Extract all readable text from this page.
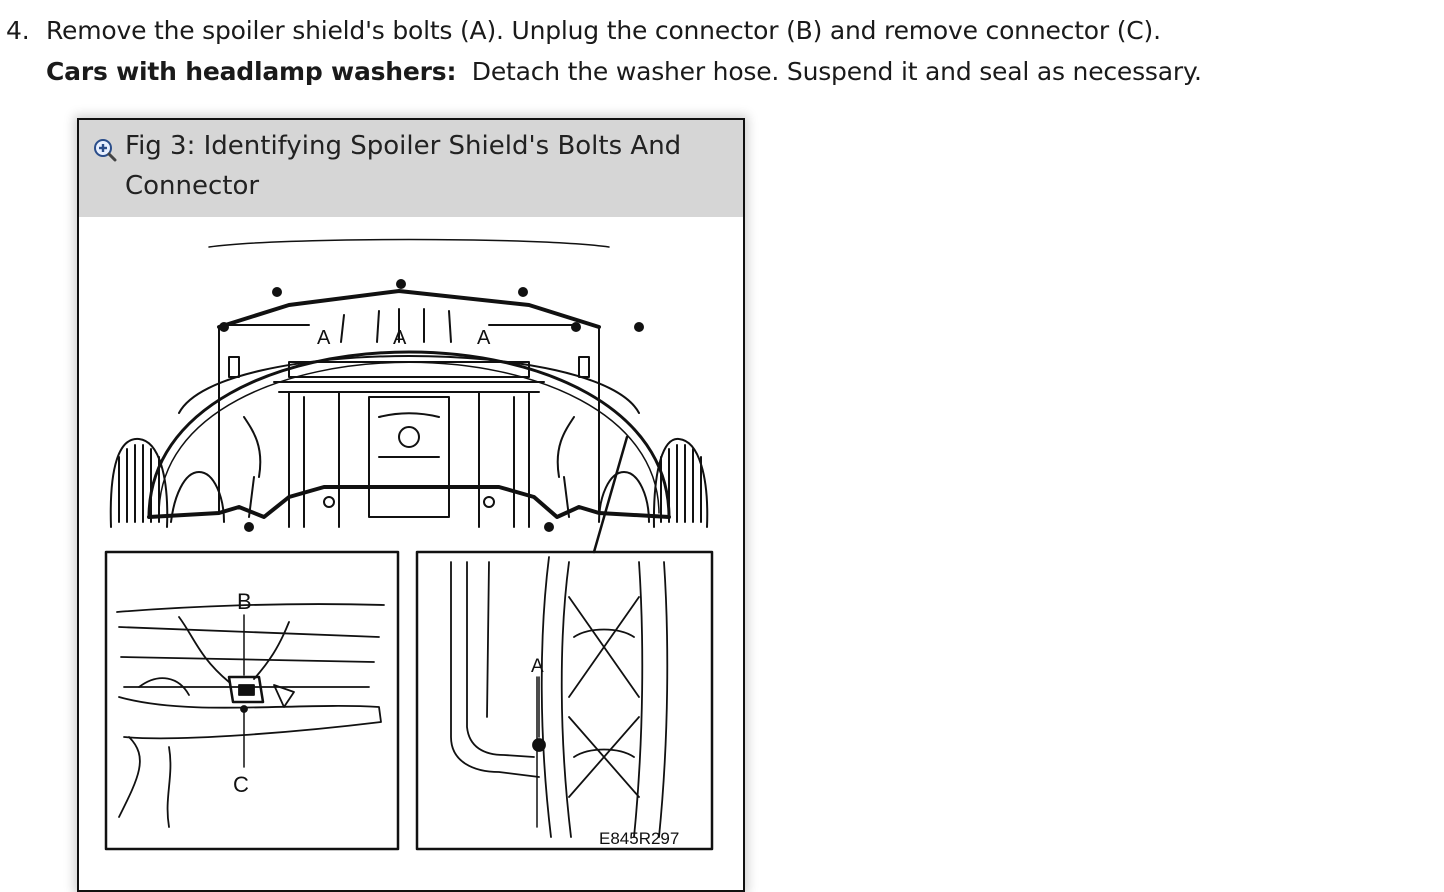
4. Remove the spoiler shield's bolts (A). Unplug the connector (B) and remove connector (C).
Cars with headlamp washers: Detach the washer hose. Suspend it and seal as necessary.
Fig 3: Identifying Spoiler Shield's Bolts And Connector
A	A	A
B
C
A
E845R297
